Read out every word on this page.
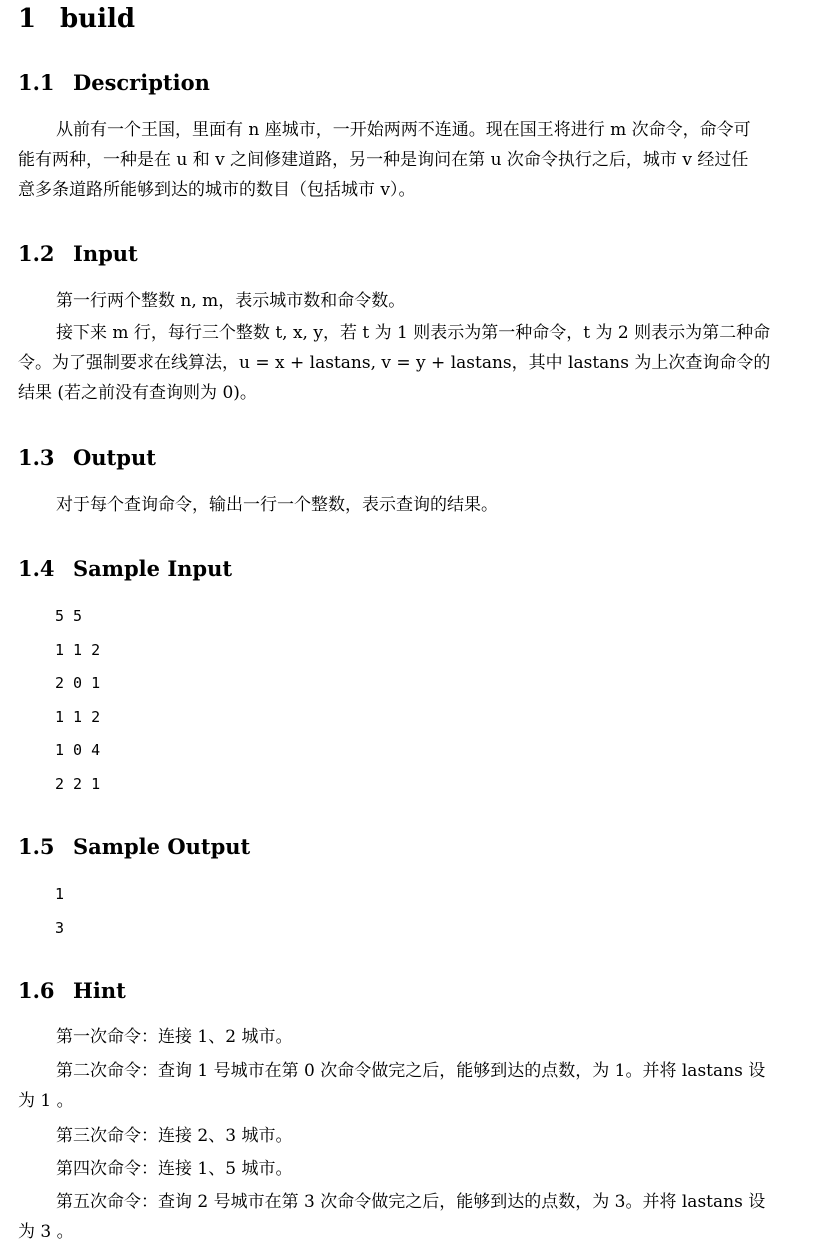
1 build
1.1 Description
从前有一个王国，里面有 n 座城市，一开始两两不连通。现在国王将进行 m 次命令，命令可
能有两种，一种是在 u 和 v 之间修建道路，另一种是询问在第 u 次命令执行之后，城市 v 经过任
意多条道路所能够到达的城市的数目（包括城市 v）。
1.2 Input
第一行两个整数 n, m，表示城市数和命令数。
接下来 m 行，每行三个整数 t, x, y，若 t 为 1 则表示为第一种命令，t 为 2 则表示为第二种命
令。为了强制要求在线算法，u = x + lastans, v = y + lastans，其中 lastans 为上次查询命令的
结果 (若之前没有查询则为 0)。
1.3 Output
对于每个查询命令，输出一行一个整数，表示查询的结果。
1.4 Sample Input
5 5
1 1 2
2 0 1
1 1 2
1 0 4
2 2 1
1.5 Sample Output
1
3
1.6 Hint
第一次命令：连接 1、2 城市。
第二次命令：查询 1 号城市在第 0 次命令做完之后，能够到达的点数，为 1。并将 lastans 设
为 1 。
第三次命令：连接 2、3 城市。
第四次命令：连接 1、5 城市。
第五次命令：查询 2 号城市在第 3 次命令做完之后，能够到达的点数，为 3。并将 lastans 设
为 3 。
